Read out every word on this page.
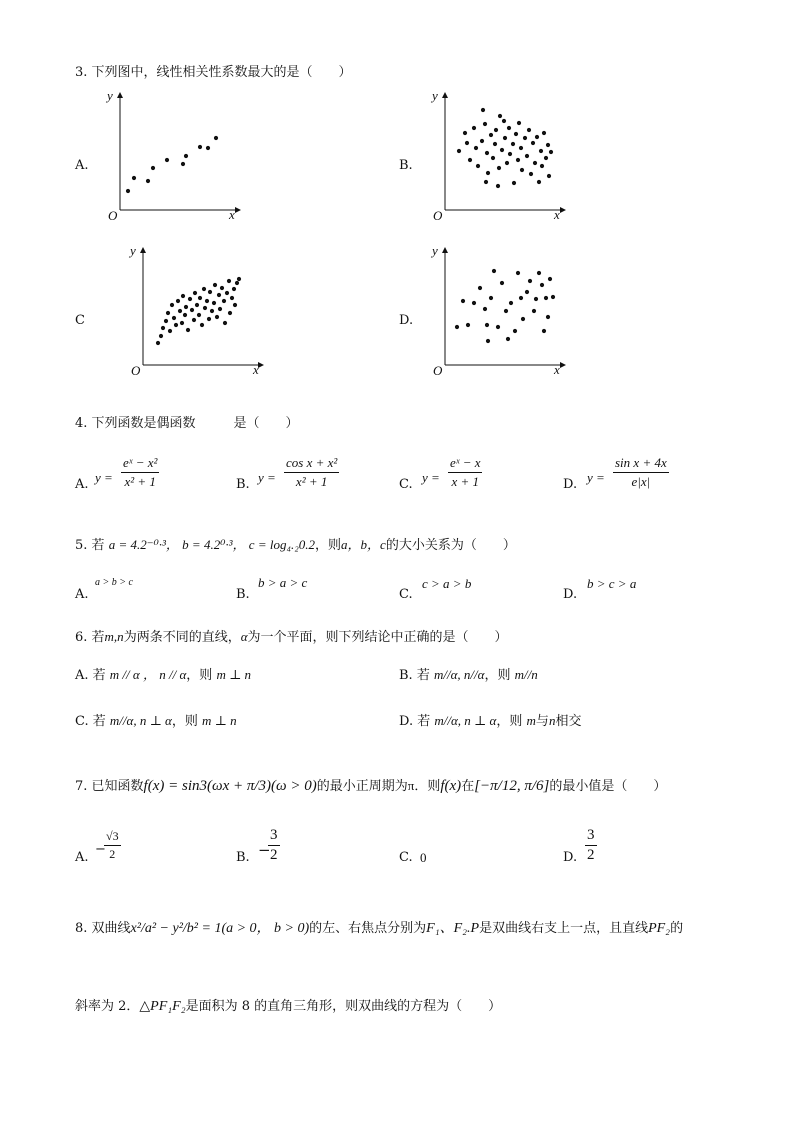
3. 下列图中，线性相关性系数最大的是（　　）
A.
y
O	x
B.
y
O	x
C
y
O	x
D.
y
O	x
4. 下列函数是偶函数	是（　　）
A. y =
eˣ − x²
x² + 1	B. y =
cos x + x²
x² + 1	C. y =
eˣ − x
x + 1	D. y =
sin x + 4x
e|x|
5. 若 a = 4.2⁻⁰·³， b = 4.2⁰·³， c = log₄.₂0.2，则a，b，c的大小关系为（　　）
A.
a > b > c
B.
b > a > c
C.
c > a > b
D.
b > c > a
6. 若m,n为两条不同的直线，α为一个平面，则下列结论中正确的是（　　）
A. 若 m // α ， n // α，则 m ⊥ n	B. 若 m//α, n//α，则 m//n
C. 若 m//α, n ⊥ α，则 m ⊥ n	D. 若 m//α, n ⊥ α，则 m与n相交
7. 已知函数f(x) = sin3(ωx + π/3)(ω > 0)的最小正周期为π．则f(x)在[−π/12, π/6]的最小值是（　　）
A.
−
√3
2	B. −
3
2	C. 0	D.
3
2
8. 双曲线x²/a² − y²/b² = 1(a > 0， b > 0)的左、右焦点分别为F₁、F₂.P是双曲线右支上一点，且直线PF₂的
斜率为 2．△PF₁F₂是面积为 8 的直角三角形，则双曲线的方程为（　　）
